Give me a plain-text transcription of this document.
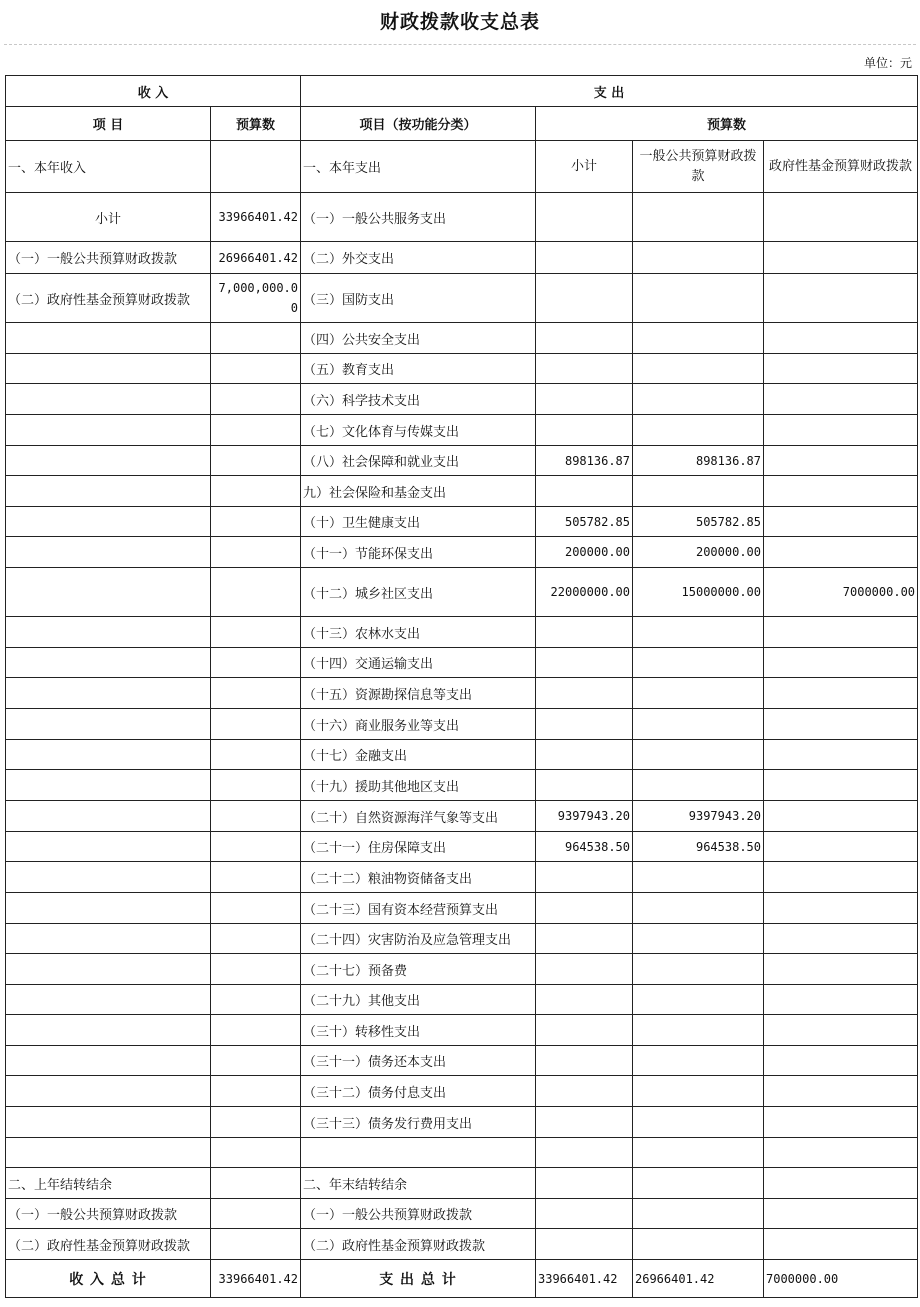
财政拨款收支总表
单位：元
收 入		支 出			
项 目	预算数	项目（按功能分类）	预算数		
一、本年收入		一、本年支出	小计	一般公共预算财政拨款	政府性基金预算财政拨款
小计	33966401.42	（一）一般公共服务支出			
（一）一般公共预算财政拨款	26966401.42	（二）外交支出			
（二）政府性基金预算财政拨款	7,000,000.00	（三）国防支出			
		（四）公共安全支出			
		（五）教育支出			
		（六）科学技术支出			
		（七）文化体育与传媒支出			
		（八）社会保障和就业支出	898136.87	898136.87	
		九）社会保险和基金支出			
		（十）卫生健康支出	505782.85	505782.85	
		（十一）节能环保支出	200000.00	200000.00	
		（十二）城乡社区支出	22000000.00	15000000.00	7000000.00
		（十三）农林水支出			
		（十四）交通运输支出			
		（十五）资源勘探信息等支出			
		（十六）商业服务业等支出			
		（十七）金融支出			
		（十九）援助其他地区支出			
		（二十）自然资源海洋气象等支出	9397943.20	9397943.20	
		（二十一）住房保障支出	964538.50	964538.50	
		（二十二）粮油物资储备支出			
		（二十三）国有资本经营预算支出			
		（二十四）灾害防治及应急管理支出			
		（二十七）预备费			
		（二十九）其他支出			
		（三十）转移性支出			
		（三十一）债务还本支出			
		（三十二）债务付息支出			
		（三十三）债务发行费用支出			

二、上年结转结余		二、年末结转结余			
（一）一般公共预算财政拨款		（一）一般公共预算财政拨款			
（二）政府性基金预算财政拨款		（二）政府性基金预算财政拨款			
收 入 总 计	33966401.42	支 出 总 计	33966401.42	26966401.42	7000000.00
